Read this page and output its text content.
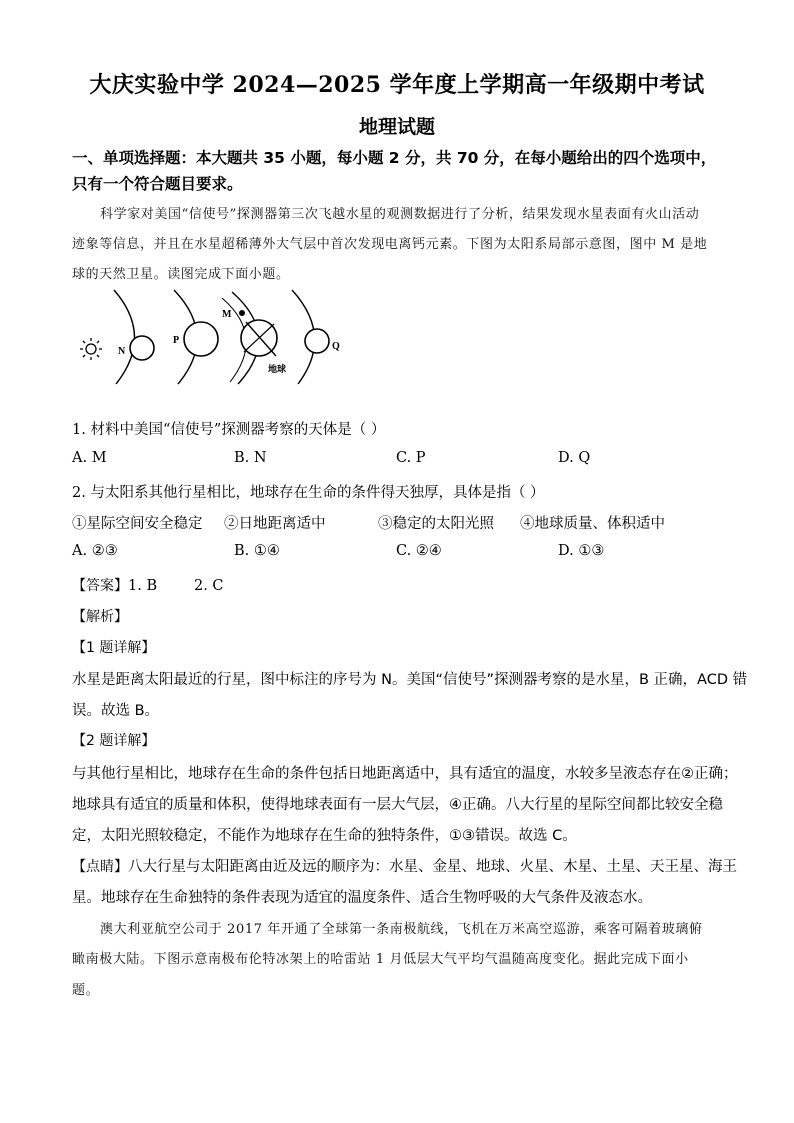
大庆实验中学 2024—2025 学年度上学期高一年级期中考试
地理试题
一、单项选择题：本大题共 35 小题，每小题 2 分，共 70 分，在每小题给出的四个选项中，
只有一个符合题目要求。
科学家对美国“信使号”探测器第三次飞越水星的观测数据进行了分析，结果发现水星表面有火山活动
迹象等信息，并且在水星超稀薄外大气层中首次发现电离钙元素。下图为太阳系局部示意图，图中 M 是地
球的天然卫星。读图完成下面小题。
N
P
M
地球
Q
1. 材料中美国“信使号”探测器考察的天体是（ ）
A. M	B. N	C. P	D. Q
2. 与太阳系其他行星相比，地球存在生命的条件得天独厚，具体是指（ ）
①星际空间安全稳定 ②日地距离适中	③稳定的太阳光照 ④地球质量、体积适中
A. ②③	B. ①④	C. ②④	D. ①③
【答案】1. B        2. C
【解析】
【1 题详解】
水星是距离太阳最近的行星，图中标注的序号为 N。美国“信使号”探测器考察的是水星，B 正确，ACD 错
误。故选 B。
【2 题详解】
与其他行星相比，地球存在生命的条件包括日地距离适中，具有适宜的温度，水较多呈液态存在②正确；
地球具有适宜的质量和体积，使得地球表面有一层大气层，④正确。八大行星的星际空间都比较安全稳
定，太阳光照较稳定，不能作为地球存在生命的独特条件，①③错误。故选 C。
【点睛】八大行星与太阳距离由近及远的顺序为：水星、金星、地球、火星、木星、土星、天王星、海王
星。地球存在生命独特的条件表现为适宜的温度条件、适合生物呼吸的大气条件及液态水。
澳大利亚航空公司于 2017 年开通了全球第一条南极航线，飞机在万米高空巡游，乘客可隔着玻璃俯
瞰南极大陆。下图示意南极布伦特冰架上的哈雷站 1 月低层大气平均气温随高度变化。据此完成下面小
题。
